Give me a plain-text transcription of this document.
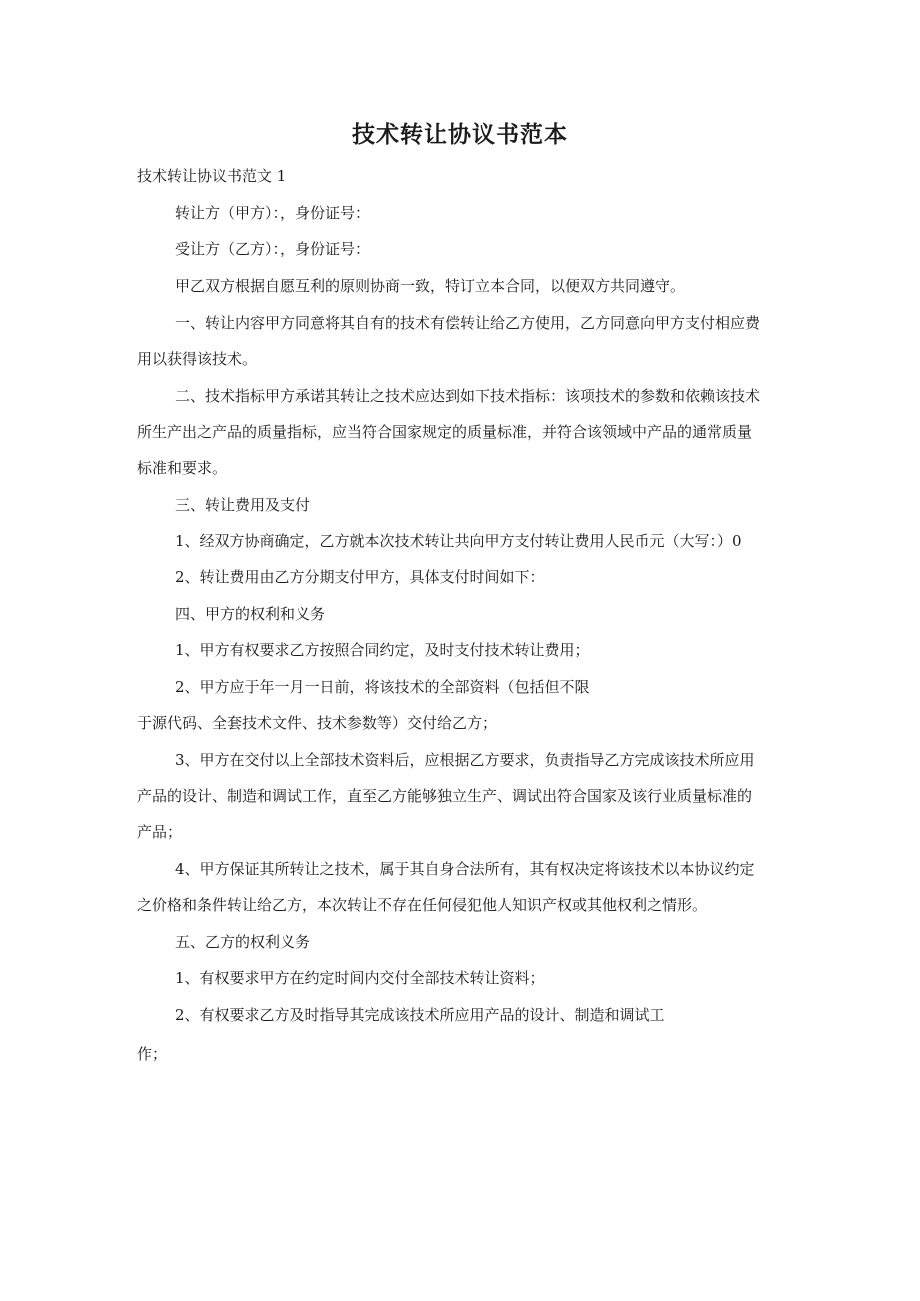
技术转让协议书范本
技术转让协议书范文 1
转让方（甲方）：，身份证号：
受让方（乙方）：，身份证号：
甲乙双方根据自愿互利的原则协商一致，特订立本合同，以便双方共同遵守。
一、转让内容甲方同意将其自有的技术有偿转让给乙方使用，乙方同意向甲方支付相应费
用以获得该技术。
二、技术指标甲方承诺其转让之技术应达到如下技术指标：该项技术的参数和依赖该技术
所生产出之产品的质量指标，应当符合国家规定的质量标准，并符合该领域中产品的通常质量
标准和要求。
三、转让费用及支付
1、经双方协商确定，乙方就本次技术转让共向甲方支付转让费用人民币元（大写：）0
2、转让费用由乙方分期支付甲方，具体支付时间如下：
四、甲方的权利和义务
1、甲方有权要求乙方按照合同约定，及时支付技术转让费用；
2、甲方应于年一月一日前，将该技术的全部资料（包括但不限
于源代码、全套技术文件、技术参数等）交付给乙方；
3、甲方在交付以上全部技术资料后，应根据乙方要求，负责指导乙方完成该技术所应用
产品的设计、制造和调试工作，直至乙方能够独立生产、调试出符合国家及该行业质量标准的
产品；
4、甲方保证其所转让之技术，属于其自身合法所有，其有权决定将该技术以本协议约定
之价格和条件转让给乙方，本次转让不存在任何侵犯他人知识产权或其他权利之情形。
五、乙方的权利义务
1、有权要求甲方在约定时间内交付全部技术转让资料；
2、有权要求乙方及时指导其完成该技术所应用产品的设计、制造和调试工
作；
